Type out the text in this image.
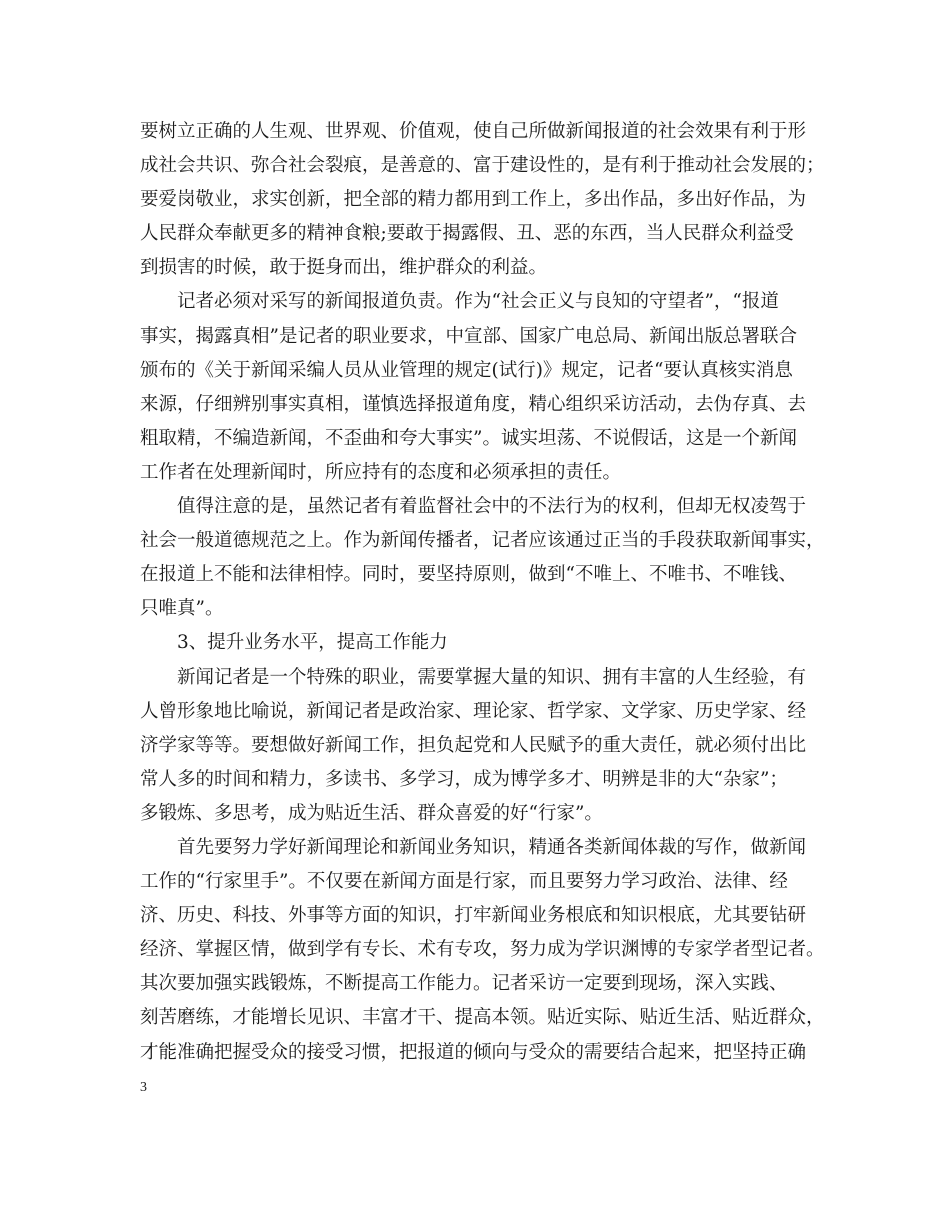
要树立正确的人生观、世界观、价值观，使自己所做新闻报道的社会效果有利于形
成社会共识、弥合社会裂痕，是善意的、富于建设性的，是有利于推动社会发展的；
要爱岗敬业，求实创新，把全部的精力都用到工作上，多出作品，多出好作品，为
人民群众奉献更多的精神食粮;要敢于揭露假、丑、恶的东西，当人民群众利益受
到损害的时候，敢于挺身而出，维护群众的利益。
记者必须对采写的新闻报道负责。作为“社会正义与良知的守望者”，“报道
事实，揭露真相”是记者的职业要求，中宣部、国家广电总局、新闻出版总署联合
颁布的《关于新闻采编人员从业管理的规定(试行)》规定，记者“要认真核实消息
来源，仔细辨别事实真相，谨慎选择报道角度，精心组织采访活动，去伪存真、去
粗取精，不编造新闻，不歪曲和夸大事实”。诚实坦荡、不说假话，这是一个新闻
工作者在处理新闻时，所应持有的态度和必须承担的责任。
值得注意的是，虽然记者有着监督社会中的不法行为的权利，但却无权凌驾于
社会一般道德规范之上。作为新闻传播者，记者应该通过正当的手段获取新闻事实，
在报道上不能和法律相悖。同时，要坚持原则，做到“不唯上、不唯书、不唯钱、
只唯真”。
3、提升业务水平，提高工作能力
新闻记者是一个特殊的职业，需要掌握大量的知识、拥有丰富的人生经验，有
人曾形象地比喻说，新闻记者是政治家、理论家、哲学家、文学家、历史学家、经
济学家等等。要想做好新闻工作，担负起党和人民赋予的重大责任，就必须付出比
常人多的时间和精力，多读书、多学习，成为博学多才、明辨是非的大“杂家”；
多锻炼、多思考，成为贴近生活、群众喜爱的好“行家”。
首先要努力学好新闻理论和新闻业务知识，精通各类新闻体裁的写作，做新闻
工作的“行家里手”。不仅要在新闻方面是行家，而且要努力学习政治、法律、经
济、历史、科技、外事等方面的知识，打牢新闻业务根底和知识根底，尤其要钻研
经济、掌握区情，做到学有专长、术有专攻，努力成为学识渊博的专家学者型记者。
其次要加强实践锻炼，不断提高工作能力。记者采访一定要到现场，深入实践、
刻苦磨练，才能增长见识、丰富才干、提高本领。贴近实际、贴近生活、贴近群众，
才能准确把握受众的接受习惯，把报道的倾向与受众的需要结合起来，把坚持正确
3
